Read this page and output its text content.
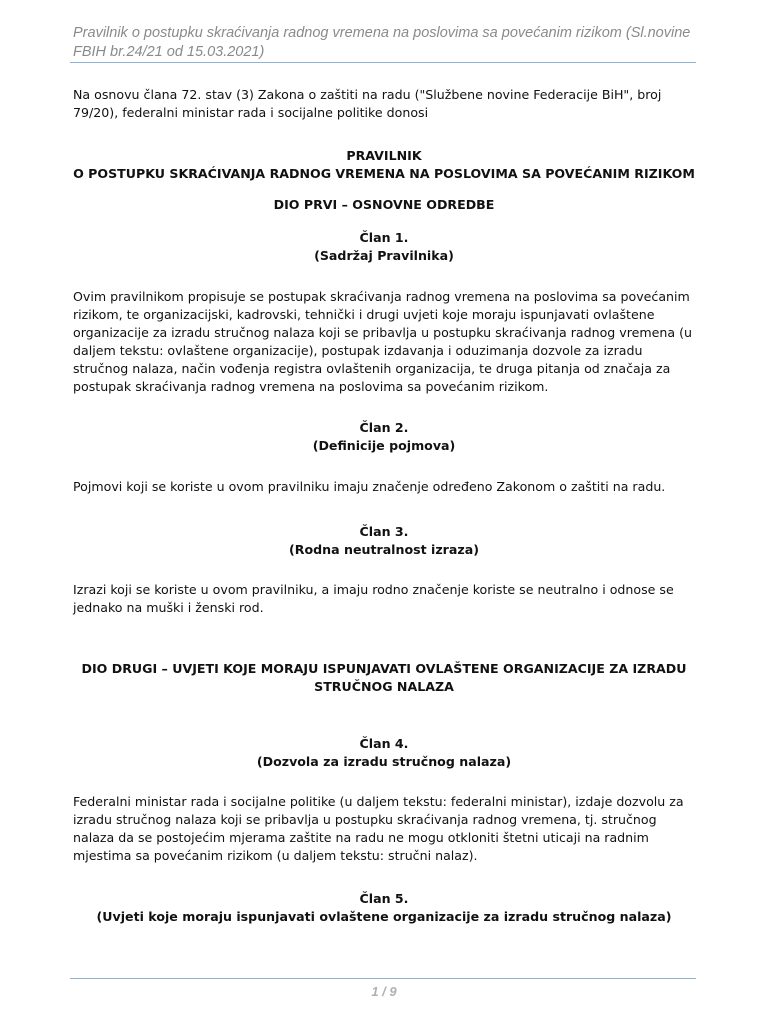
Pravilnik o postupku skraćivanja radnog vremena na poslovima sa povećanim rizikom (Sl.novine FBIH br.24/21 od 15.03.2021)

Na osnovu člana 72. stav (3) Zakona o zaštiti na radu ("Službene novine Federacije BiH", broj 79/20), federalni ministar rada i socijalne politike donosi

PRAVILNIK
O POSTUPKU SKRAĆIVANJA RADNOG VREMENA NA POSLOVIMA SA POVEĆANIM RIZIKOM
DIO PRVI – OSNOVNE ODREDBE
Član 1.
(Sadržaj Pravilnika)

Ovim pravilnikom propisuje se postupak skraćivanja radnog vremena na poslovima sa povećanim rizikom, te organizacijski, kadrovski, tehnički i drugi uvjeti koje moraju ispunjavati ovlaštene organizacije za izradu stručnog nalaza koji se pribavlja u postupku skraćivanja radnog vremena (u daljem tekstu: ovlaštene organizacije), postupak izdavanja i oduzimanja dozvole za izradu stručnog nalaza, način vođenja registra ovlaštenih organizacija, te druga pitanja od značaja za postupak skraćivanja radnog vremena na poslovima sa povećanim rizikom.

Član 2.
(Definicije pojmova)

Pojmovi koji se koriste u ovom pravilniku imaju značenje određeno Zakonom o zaštiti na radu.

Član 3.
(Rodna neutralnost izraza)

Izrazi koji se koriste u ovom pravilniku, a imaju rodno značenje koriste se neutralno i odnose se jednako na muški i ženski rod.

DIO DRUGI – UVJETI KOJE MORAJU ISPUNJAVATI OVLAŠTENE ORGANIZACIJE ZA IZRADU STRUČNOG NALAZA
Član 4.
(Dozvola za izradu stručnog nalaza)

Federalni ministar rada i socijalne politike (u daljem tekstu: federalni ministar), izdaje dozvolu za izradu stručnog nalaza koji se pribavlja u postupku skraćivanja radnog vremena, tj. stručnog nalaza da se postojećim mjerama zaštite na radu ne mogu otkloniti štetni uticaji na radnim mjestima sa povećanim rizikom (u daljem tekstu: stručni nalaz).

Član 5.
(Uvjeti koje moraju ispunjavati ovlaštene organizacije za izradu stručnog nalaza)
1 / 9
